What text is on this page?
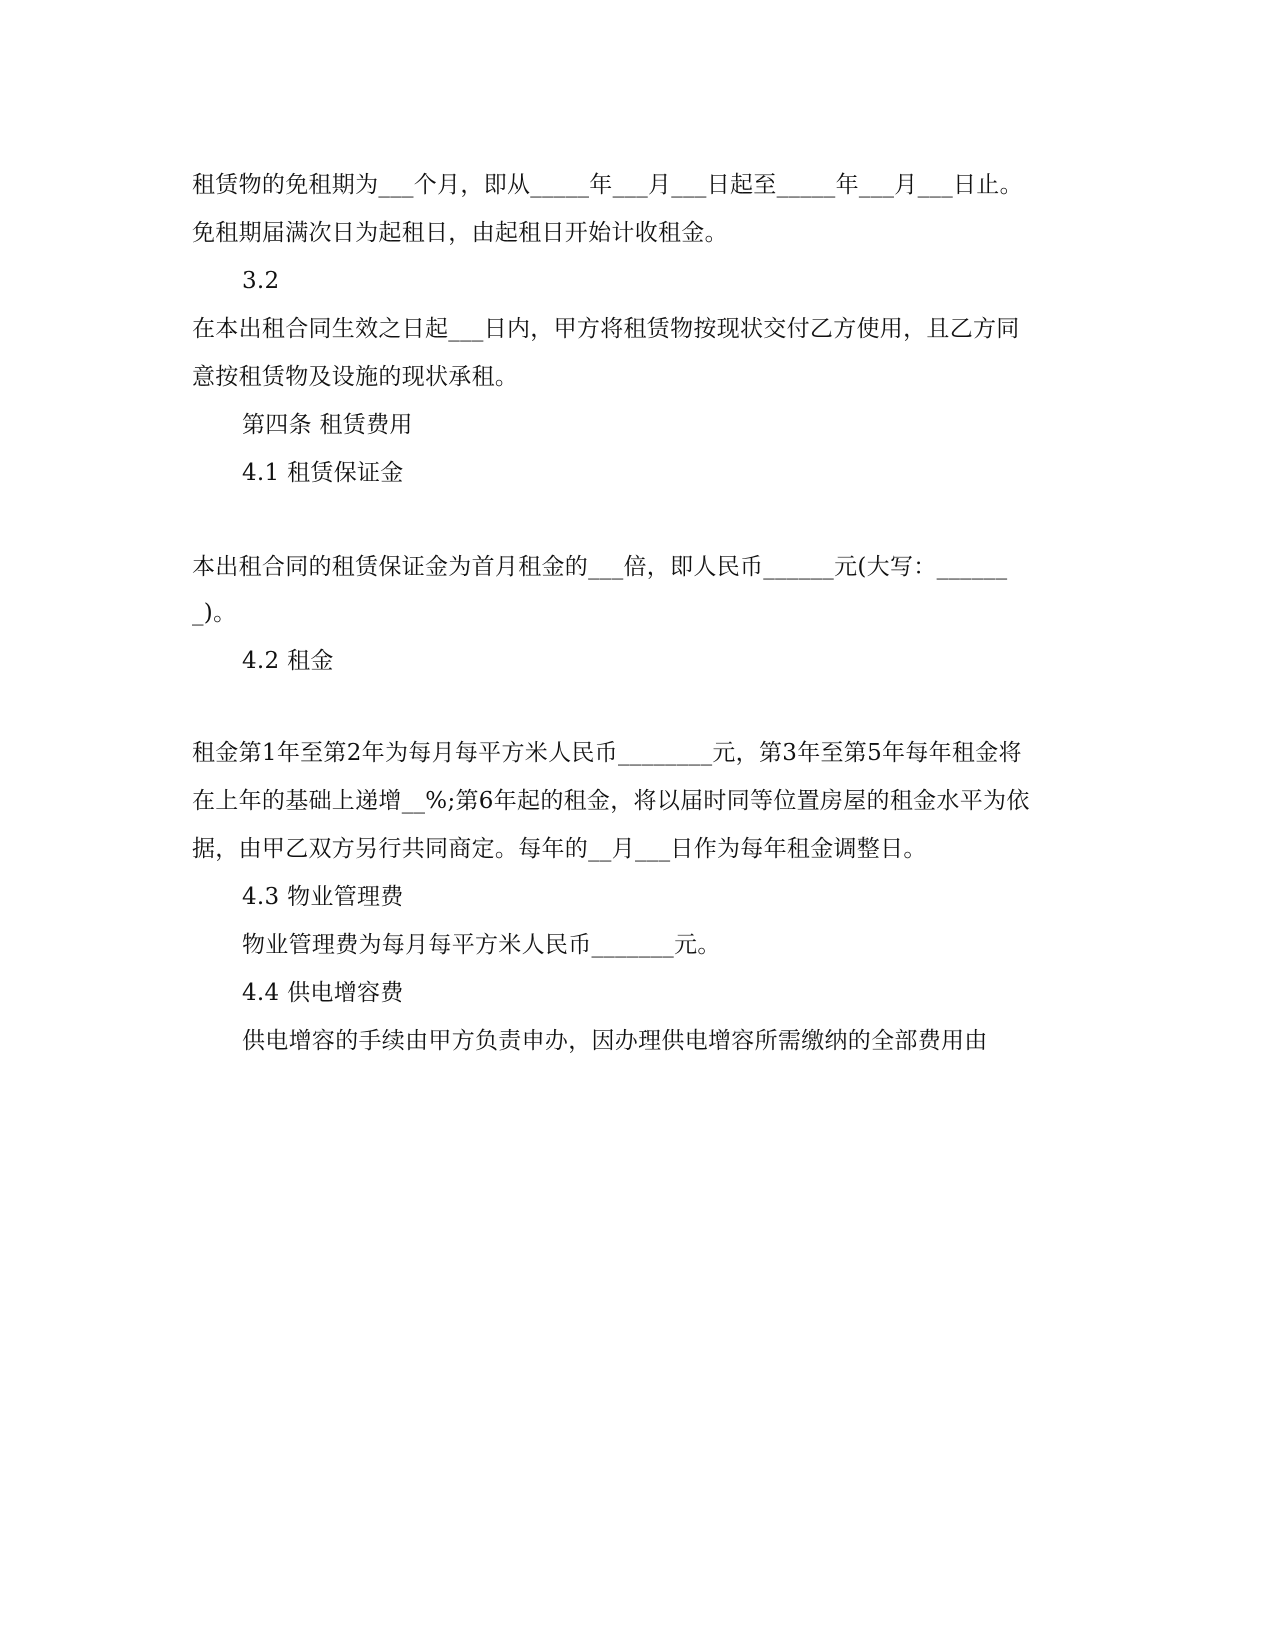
租赁物的免租期为___个月，即从_____年___月___日起至_____年___月___日止。
免租期届满次日为起租日，由起租日开始计收租金。
3.2
在本出租合同生效之日起___日内，甲方将租赁物按现状交付乙方使用，且乙方同
意按租赁物及设施的现状承租。
第四条 租赁费用
4.1 租赁保证金
本出租合同的租赁保证金为首月租金的___倍，即人民币______元(大写：______
_)。
4.2 租金
租金第1年至第2年为每月每平方米人民币________元，第3年至第5年每年租金将
在上年的基础上递增__%;第6年起的租金，将以届时同等位置房屋的租金水平为依
据，由甲乙双方另行共同商定。每年的__月___日作为每年租金调整日。
4.3 物业管理费
物业管理费为每月每平方米人民币_______元。
4.4 供电增容费
供电增容的手续由甲方负责申办，因办理供电增容所需缴纳的全部费用由
